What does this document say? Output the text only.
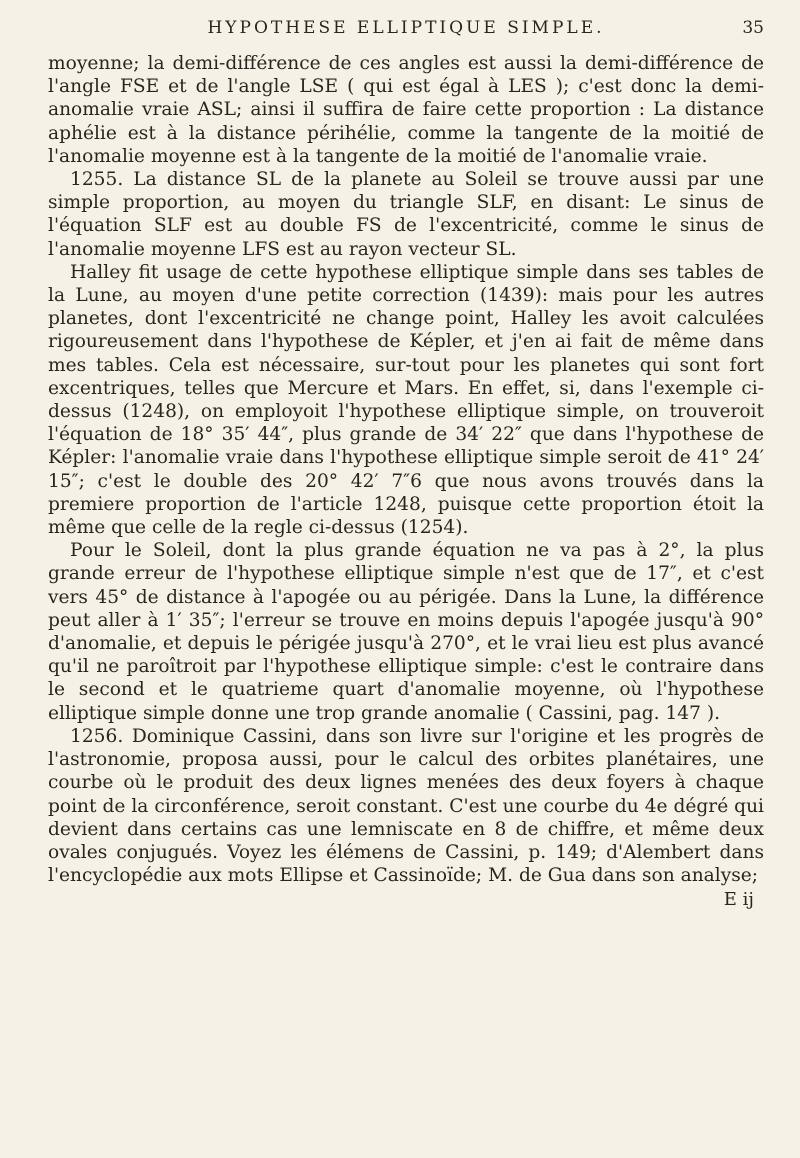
HYPOTHESE ELLIPTIQUE SIMPLE.	35

moyenne; la demi-différence de ces angles est aussi la demi-différence de l'angle FSE et de l'angle LSE ( qui est égal à LES ); c'est donc la demi-anomalie vraie ASL; ainsi il suffira de faire cette proportion : La distance aphélie est à la distance périhélie, comme la tangente de la moitié de l'anomalie moyenne est à la tangente de la moitié de l'anomalie vraie.

1255. La distance SL de la planete au Soleil se trouve aussi par une simple proportion, au moyen du triangle SLF, en disant: Le sinus de l'équation SLF est au double FS de l'excentricité, comme le sinus de l'anomalie moyenne LFS est au rayon vecteur SL.

Halley fit usage de cette hypothese elliptique simple dans ses tables de la Lune, au moyen d'une petite correction (1439): mais pour les autres planetes, dont l'excentricité ne change point, Halley les avoit calculées rigoureusement dans l'hypothese de Képler, et j'en ai fait de même dans mes tables. Cela est nécessaire, sur-tout pour les planetes qui sont fort excentriques, telles que Mercure et Mars. En effet, si, dans l'exemple ci-dessus (1248), on employoit l'hypothese elliptique simple, on trouveroit l'équation de 18° 35′ 44″, plus grande de 34′ 22″ que dans l'hypothese de Képler: l'anomalie vraie dans l'hypothese elliptique simple seroit de 41° 24′ 15″; c'est le double des 20° 42′ 7″6 que nous avons trouvés dans la premiere proportion de l'article 1248, puisque cette proportion étoit la même que celle de la regle ci-dessus (1254).

Pour le Soleil, dont la plus grande équation ne va pas à 2°, la plus grande erreur de l'hypothese elliptique simple n'est que de 17″, et c'est vers 45° de distance à l'apogée ou au périgée. Dans la Lune, la différence peut aller à 1′ 35″; l'erreur se trouve en moins depuis l'apogée jusqu'à 90° d'anomalie, et depuis le périgée jusqu'à 270°, et le vrai lieu est plus avancé qu'il ne paroîtroit par l'hypothese elliptique simple: c'est le contraire dans le second et le quatrieme quart d'anomalie moyenne, où l'hypothese elliptique simple donne une trop grande anomalie ( Cassini, pag. 147 ).

1256. Dominique Cassini, dans son livre sur l'origine et les progrès de l'astronomie, proposa aussi, pour le calcul des orbites planétaires, une courbe où le produit des deux lignes menées des deux foyers à chaque point de la circonférence, seroit constant. C'est une courbe du 4e dégré qui devient dans certains cas une lemniscate en 8 de chiffre, et même deux ovales conjugués. Voyez les élémens de Cassini, p. 149; d'Alembert dans l'encyclopédie aux mots Ellipse et Cassinoïde; M. de Gua dans son analyse;

E ij
